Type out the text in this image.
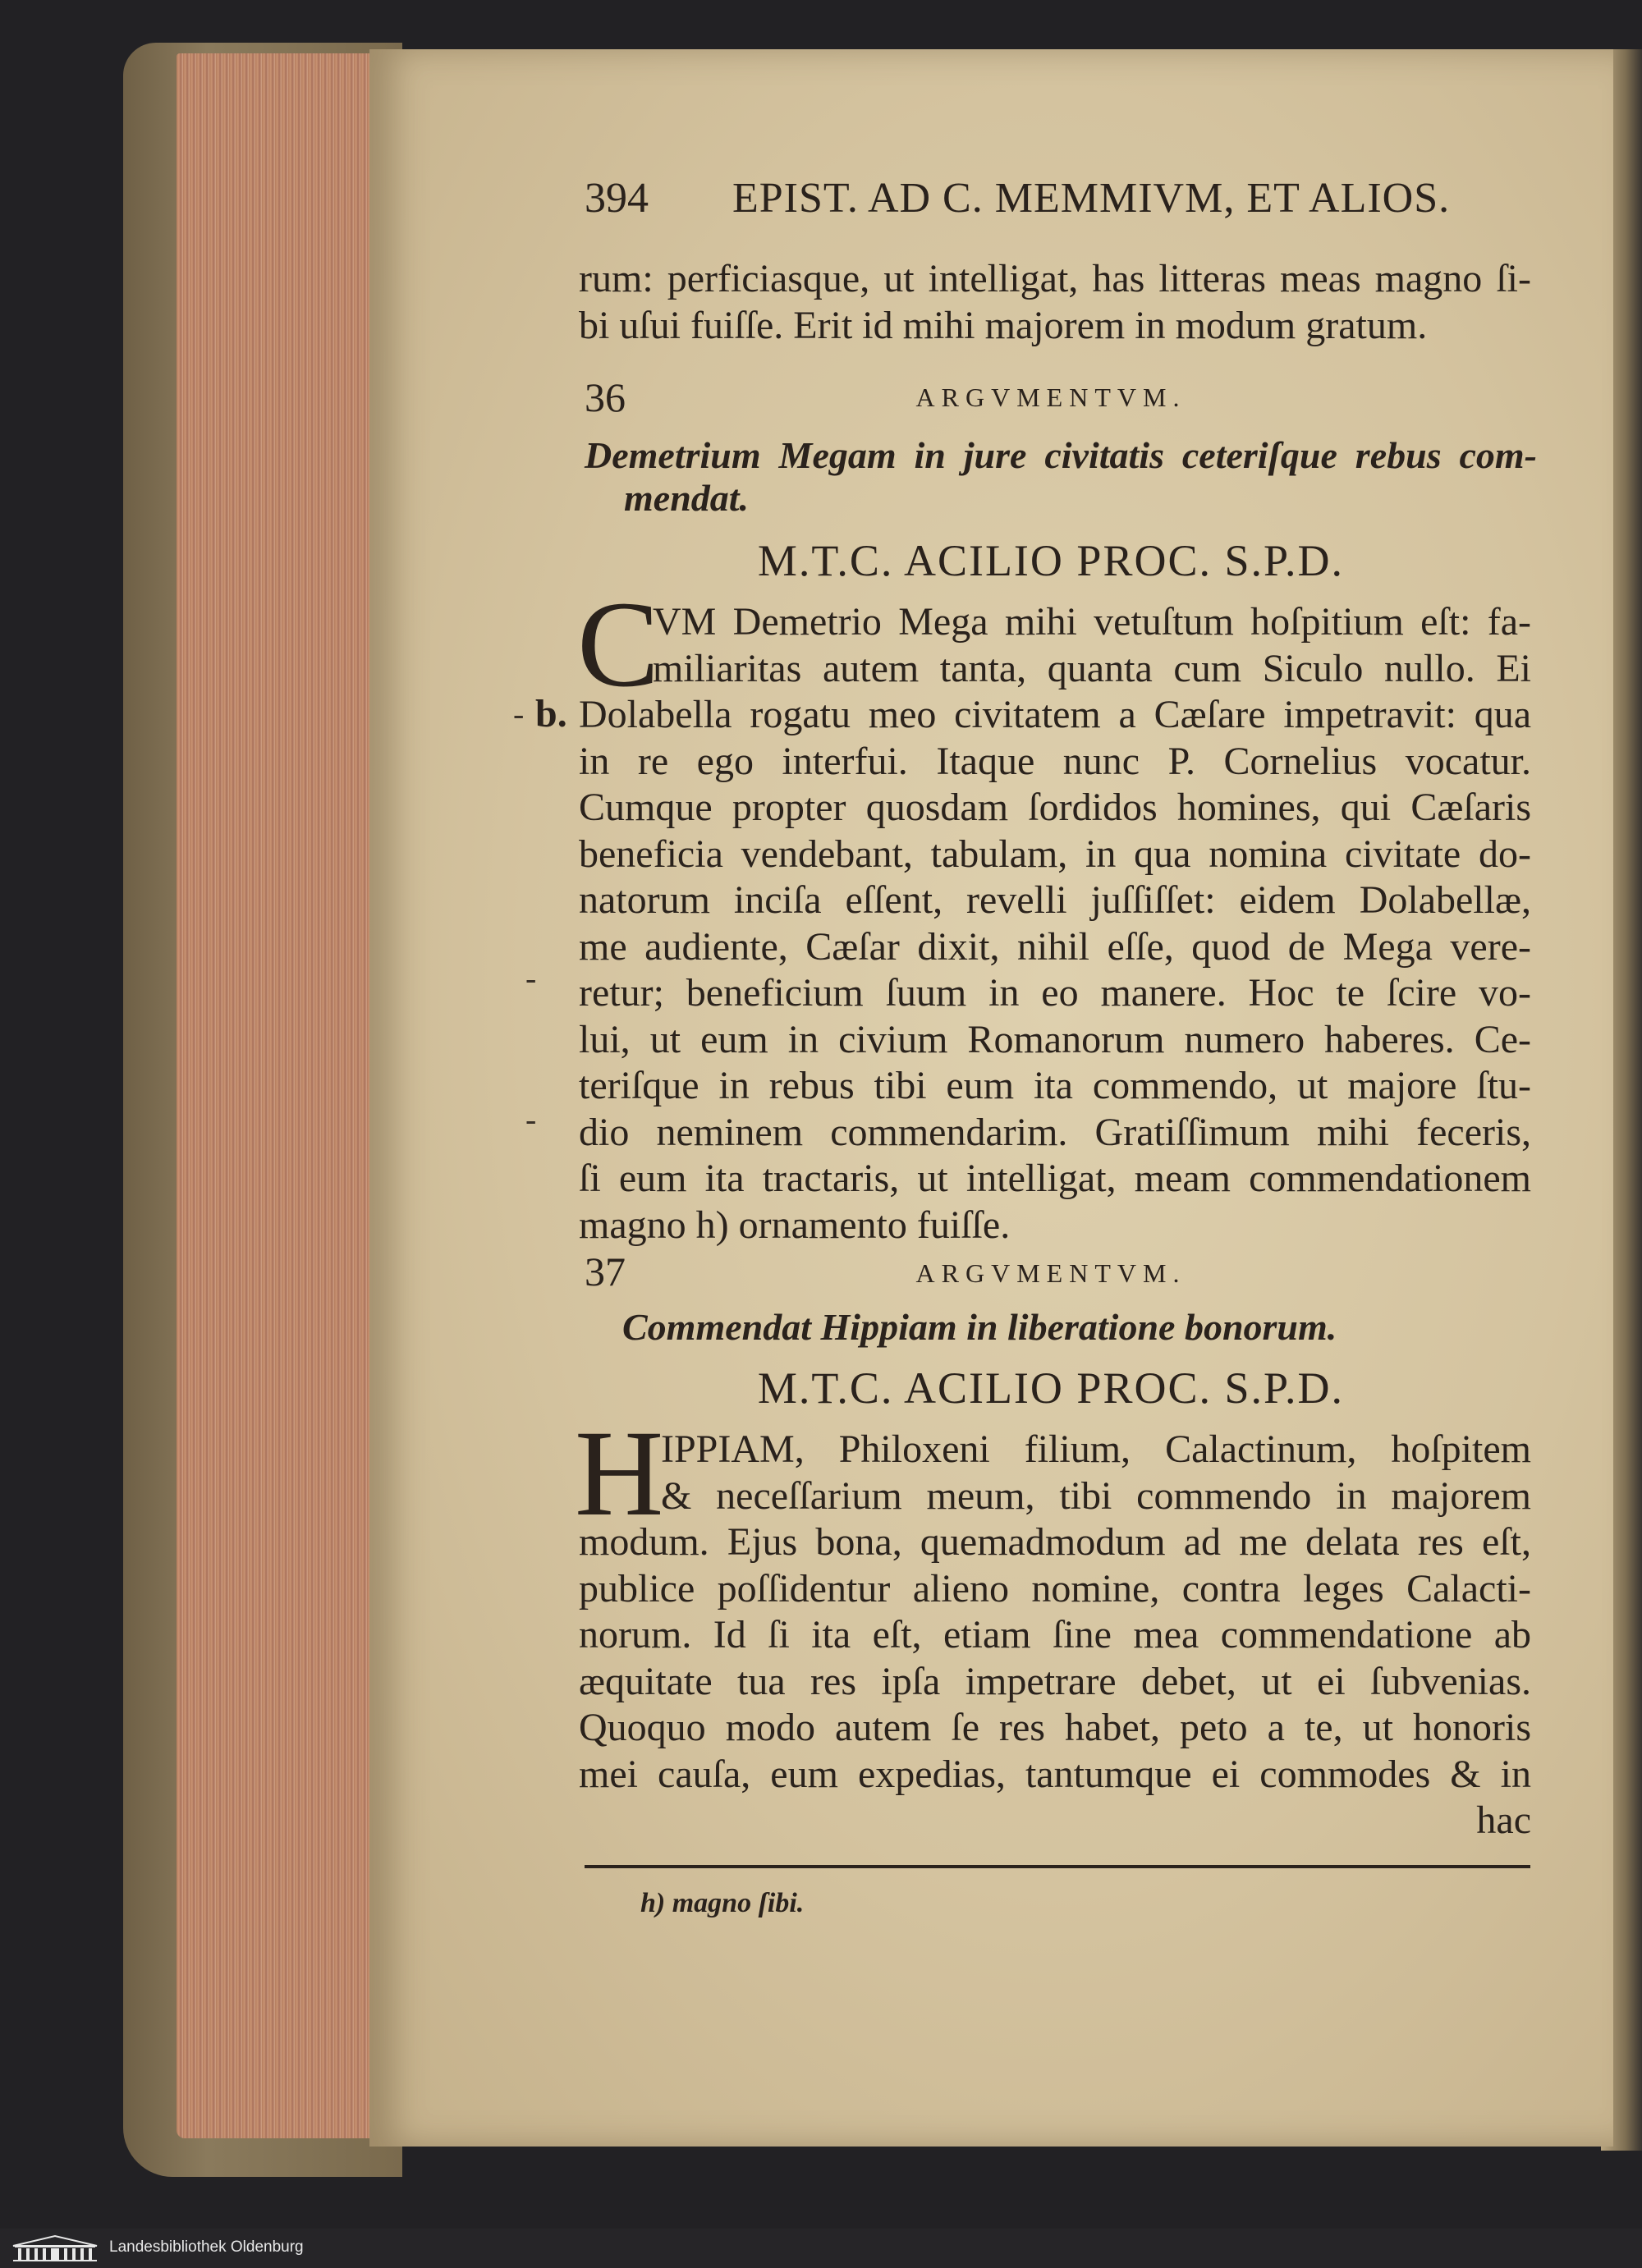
394 EPIST. AD C. MEMMIVM, ET ALIOS.
rum: perficiasque, ut intelligat, has litteras meas magno ſi-
bi uſui fuiſſe. Erit id mihi majorem in modum gratum.
36	ARGVMENTVM.
Demetrium Megam in jure civitatis ceteriſque rebus com-
mendat.
M.T.C. ACILIO PROC. S.P.D.
C
VM Demetrio Mega mihi vetuſtum hoſpitium eſt: fa-
miliaritas autem tanta, quanta cum Siculo nullo. Ei
b.
-
-
-
Dolabella rogatu meo civitatem a Cæſare impetravit: qua
in re ego interfui. Itaque nunc P. Cornelius vocatur.
Cumque propter quosdam ſordidos homines, qui Cæſaris
beneficia vendebant, tabulam, in qua nomina civitate do-
natorum inciſa eſſent, revelli juſſiſſet: eidem Dolabellæ,
me audiente, Cæſar dixit, nihil eſſe, quod de Mega vere-
retur; beneficium ſuum in eo manere. Hoc te ſcire vo-
lui, ut eum in civium Romanorum numero haberes. Ce-
teriſque in rebus tibi eum ita commendo, ut majore ſtu-
dio neminem commendarim. Gratiſſimum mihi feceris,
ſi eum ita tractaris, ut intelligat, meam commendationem
magno h) ornamento fuiſſe.
37	ARGVMENTVM.
Commendat Hippiam in liberatione bonorum.
M.T.C. ACILIO PROC. S.P.D.
H
IPPIAM, Philoxeni filium, Calactinum, hoſpitem
& neceſſarium meum, tibi commendo in majorem
modum. Ejus bona, quemadmodum ad me delata res eſt,
publice poſſidentur alieno nomine, contra leges Calacti-
norum. Id ſi ita eſt, etiam ſine mea commendatione ab
æquitate tua res ipſa impetrare debet, ut ei ſubvenias.
Quoquo modo autem ſe res habet, peto a te, ut honoris
mei cauſa, eum expedias, tantumque ei commodes & in
hac
h) magno ſibi.
Landesbibliothek Oldenburg
